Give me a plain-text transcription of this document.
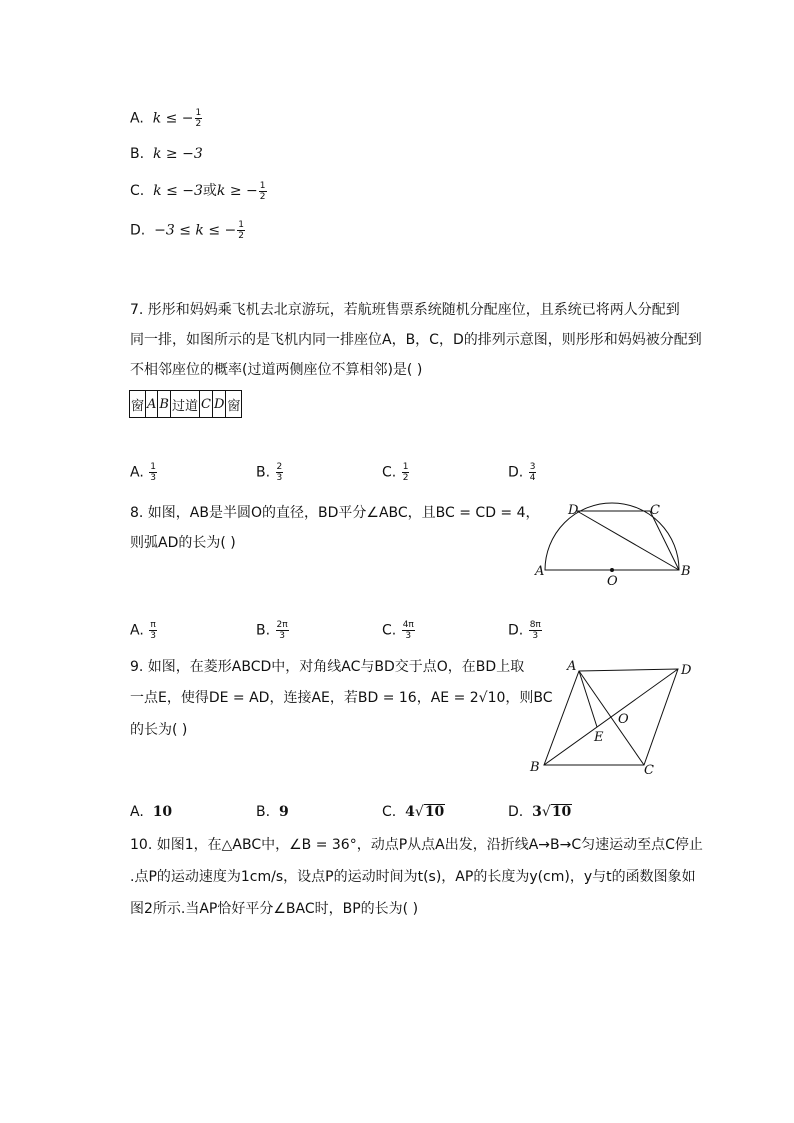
A. k ≤ − $\frac{1}{2}$
B. k ≥ −3
C. k ≤ −3或k ≥ − $\frac{1}{2}$
D. −3 ≤ k ≤ − $\frac{1}{2}$
7. 彤彤和妈妈乘飞机去北京游玩，若航班售票系统随机分配座位，且系统已将两人分配到
同一排，如图所示的是飞机内同一排座位A，B，C，D的排列示意图，则彤彤和妈妈被分配到
不相邻座位的概率(过道两侧座位不算相邻)是( )
窗	A	B	过道	C	D	窗
A. $\frac{1}{3}$	B. $\frac{2}{3}$	C. $\frac{1}{2}$	D. $\frac{3}{4}$
8. 如图，AB是半圆O的直径，BD平分∠ABC，且BC = CD = 4，
则弧AD的长为( )
D	C
A	B
O
A. $\frac{\pi}{3}$	B. $\frac{2\pi}{3}$	C. $\frac{4\pi}{3}$	D. $\frac{8\pi}{3}$
9. 如图，在菱形ABCD中，对角线AC与BD交于点O，在BD上取
一点E，使得DE = AD，连接AE，若BD = 16，AE = 2√10，则BC
的长为( )
A	D
B	C
O
E
A. 10	B. 9	C. 4√10	D. 3√10
10. 如图1，在△ABC中，∠B = 36°，动点P从点A出发，沿折线A→B→C匀速运动至点C停止
.点P的运动速度为1cm/s，设点P的运动时间为t(s)，AP的长度为y(cm)，y与t的函数图象如
图2所示.当AP恰好平分∠BAC时，BP的长为( )
